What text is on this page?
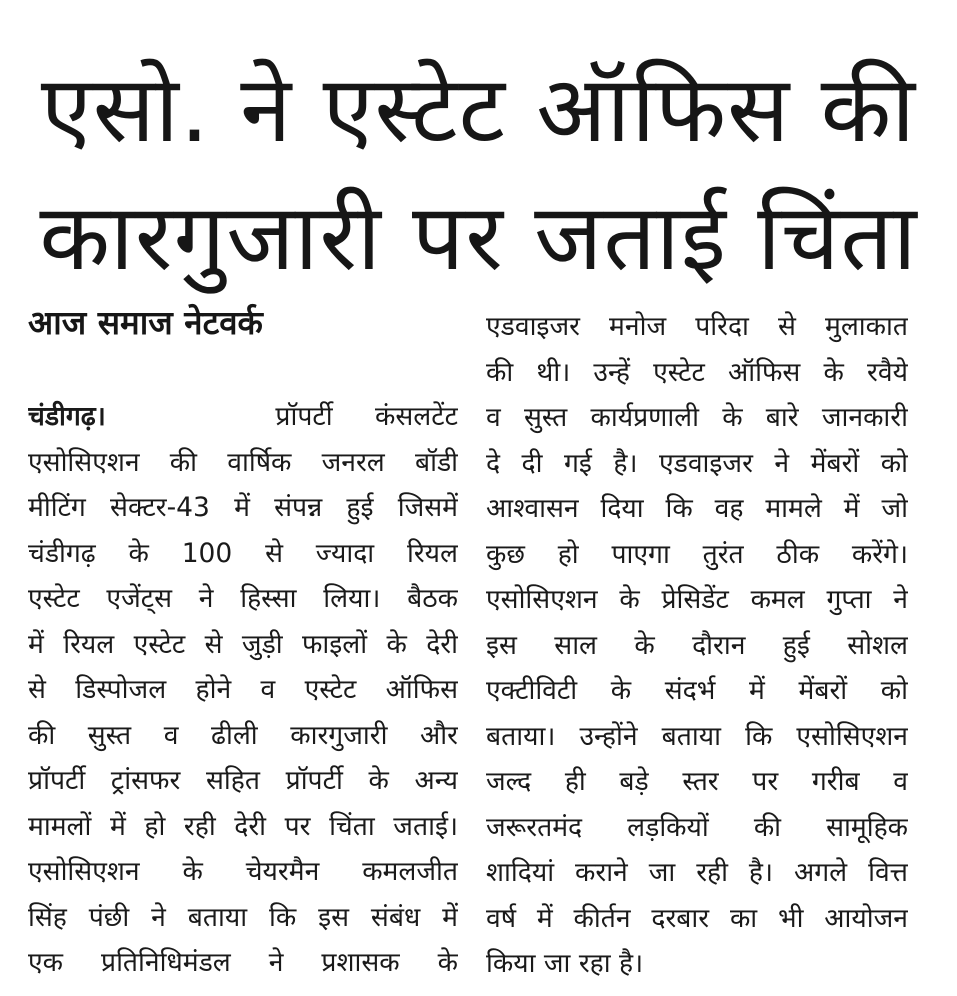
एसो. ने एस्टेट ऑफिस की
कारगुजारी पर जताई चिंता

आज समाज नेटवर्क

चंडीगढ़।	प्रॉपर्टी कंसलटेंट
एसोसिएशन की वार्षिक जनरल बॉडी
मीटिंग सेक्टर-43 में संपन्न हुई जिसमें
चंडीगढ़ के 100 से ज्यादा रियल
एस्टेट एजेंट्स ने हिस्सा लिया। बैठक
में रियल एस्टेट से जुड़ी फाइलों के देरी
से डिस्पोजल होने व एस्टेट ऑफिस
की सुस्त व ढीली कारगुजारी और
प्रॉपर्टी ट्रांसफर सहित प्रॉपर्टी के अन्य
मामलों में हो रही देरी पर चिंता जताई।
एसोसिएशन के चेयरमैन कमलजीत
सिंह पंछी ने बताया कि इस संबंध में
एक प्रतिनिधिमंडल ने प्रशासक के
एडवाइजर मनोज परिदा से मुलाकात
की थी। उन्हें एस्टेट ऑफिस के रवैये
व सुस्त कार्यप्रणाली के बारे जानकारी
दे दी गई है। एडवाइजर ने मेंबरों को
आश्वासन दिया कि वह मामले में जो
कुछ हो पाएगा तुरंत ठीक करेंगे।
एसोसिएशन के प्रेसिडेंट कमल गुप्ता ने
इस साल के दौरान हुई सोशल
एक्टीविटी के संदर्भ में मेंबरों को
बताया। उन्होंने बताया कि एसोसिएशन
जल्द ही बड़े स्तर पर गरीब व
जरूरतमंद लड़कियों की सामूहिक
शादियां कराने जा रही है। अगले वित्त
वर्ष में कीर्तन दरबार का भी आयोजन
किया जा रहा है।
